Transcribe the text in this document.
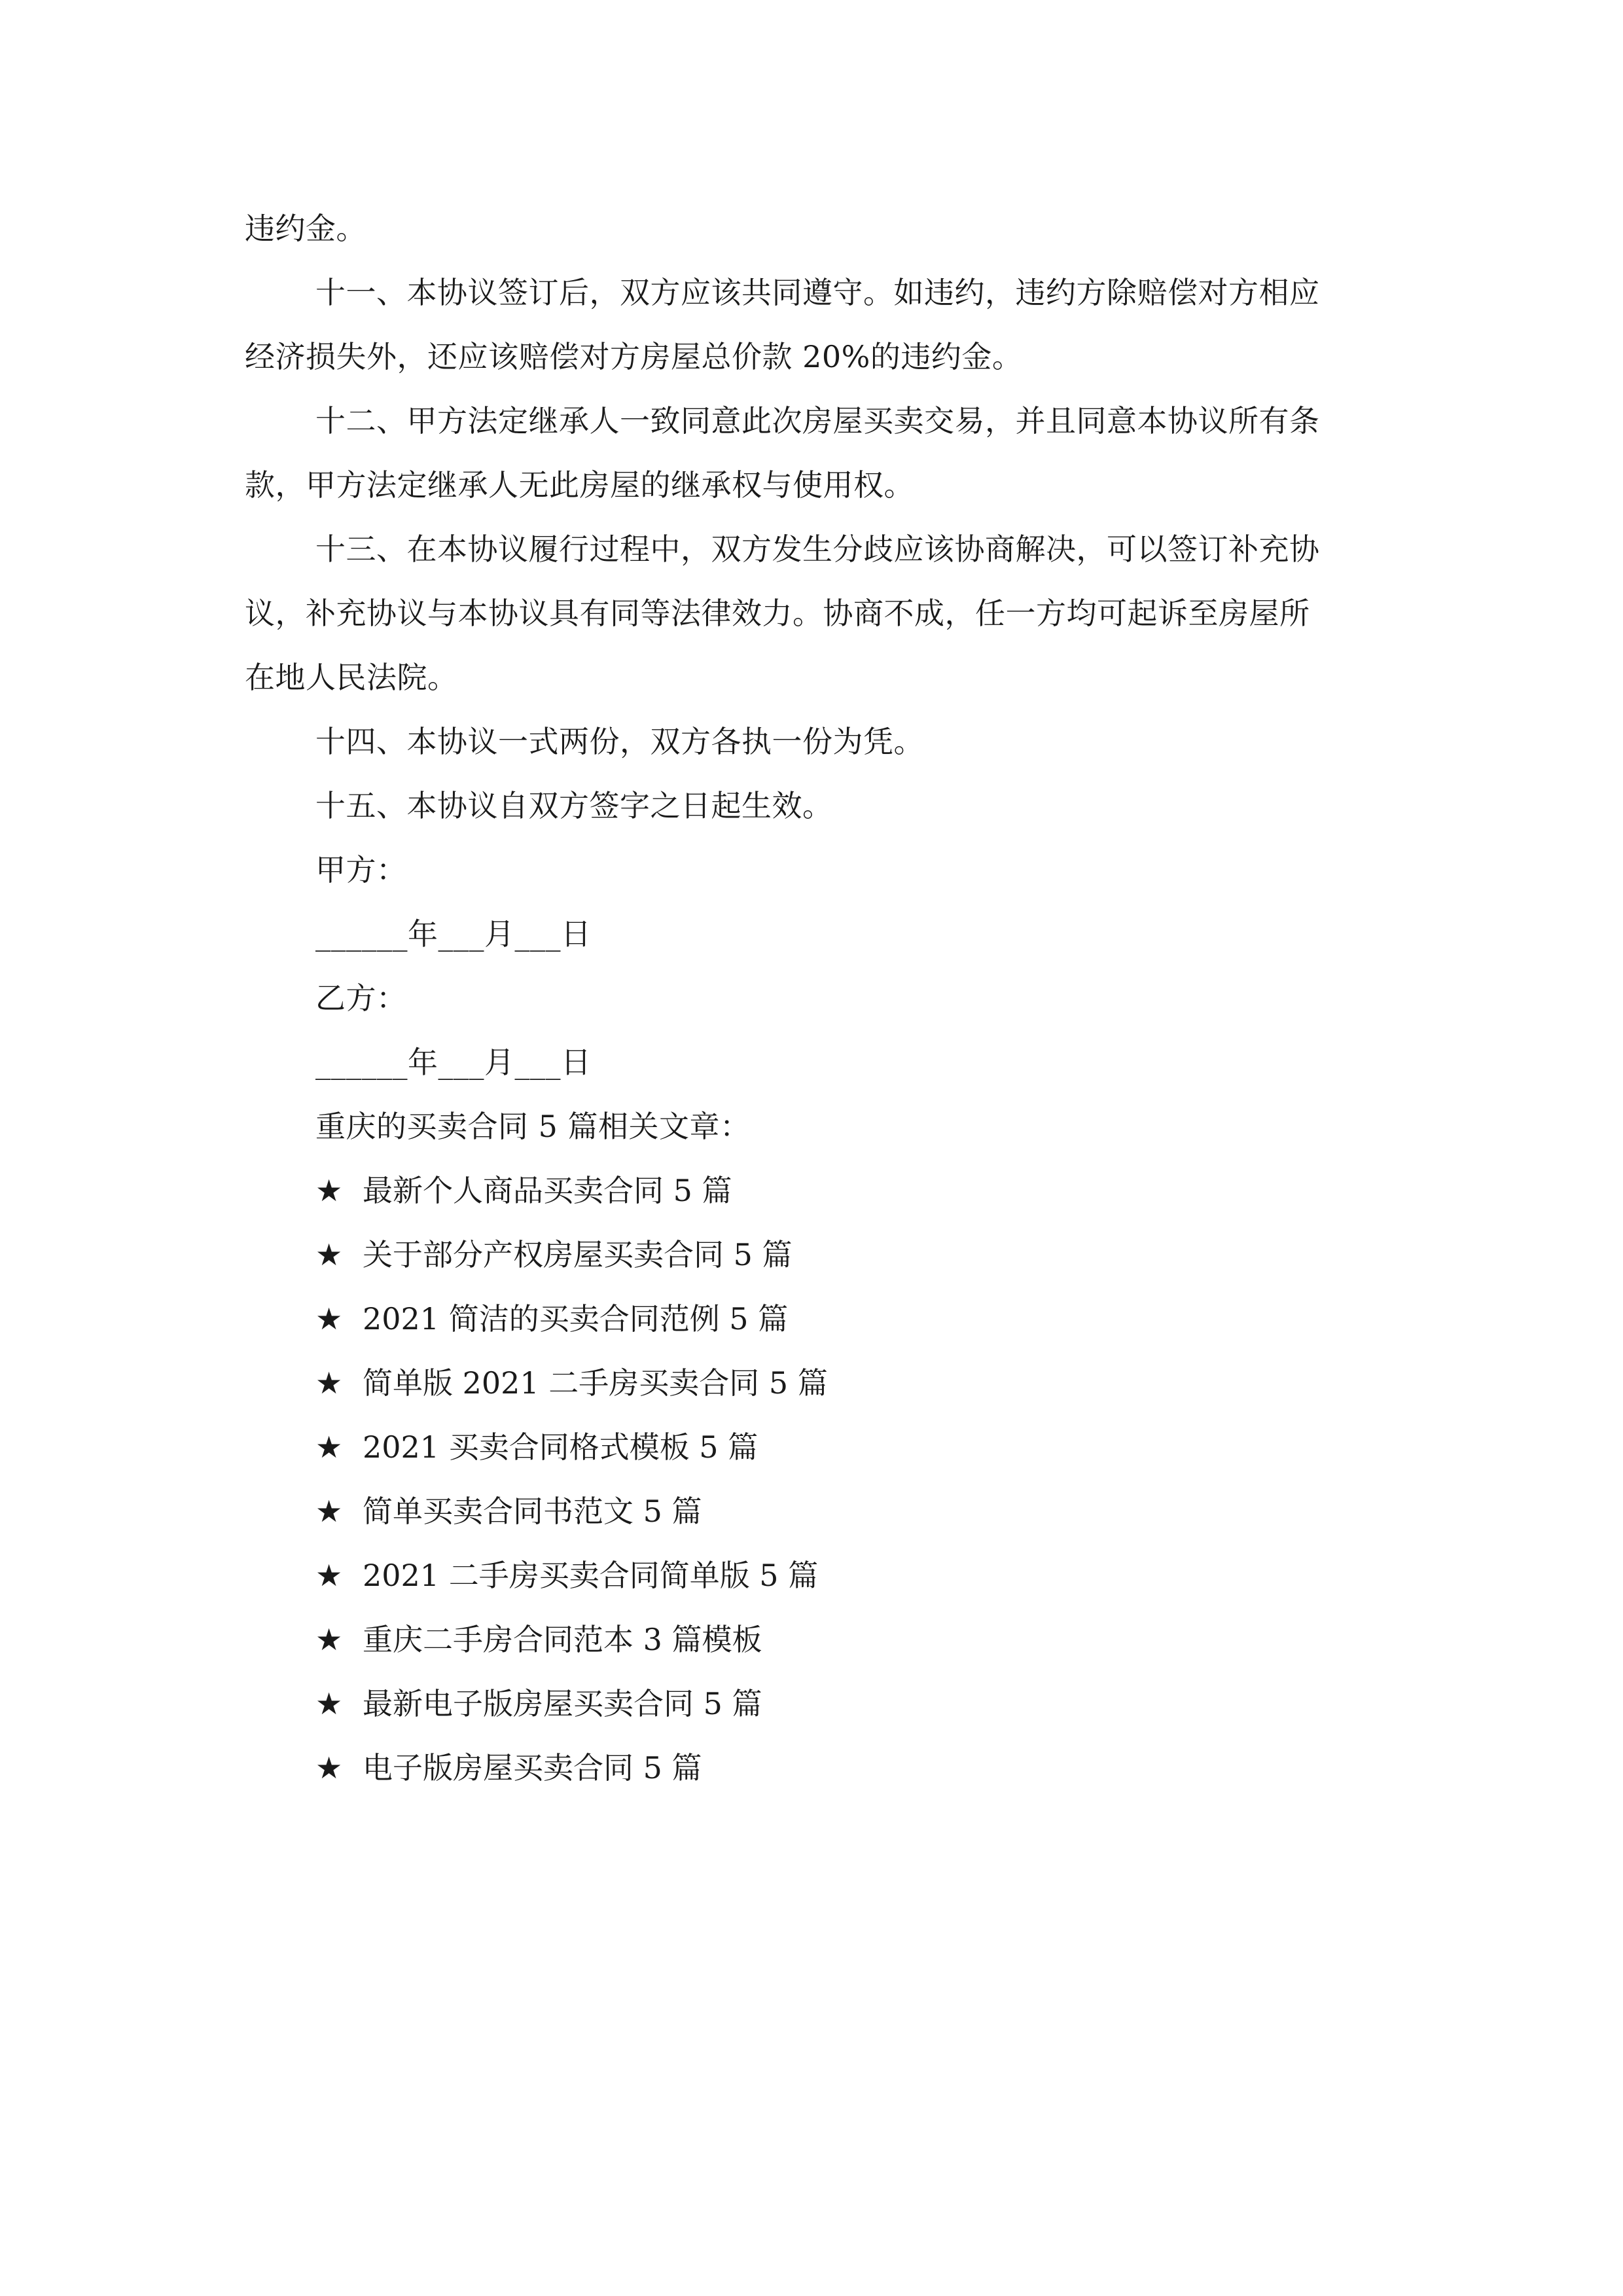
违约金。
十一、本协议签订后，双方应该共同遵守。如违约，违约方除赔偿对方相应
经济损失外，还应该赔偿对方房屋总价款 20%的违约金。
十二、甲方法定继承人一致同意此次房屋买卖交易，并且同意本协议所有条
款，甲方法定继承人无此房屋的继承权与使用权。
十三、在本协议履行过程中，双方发生分歧应该协商解决，可以签订补充协
议，补充协议与本协议具有同等法律效力。协商不成，任一方均可起诉至房屋所
在地人民法院。
十四、本协议一式两份，双方各执一份为凭。
十五、本协议自双方签字之日起生效。
甲方：
______年___月___日
乙方：
______年___月___日
重庆的买卖合同 5 篇相关文章：
★ 最新个人商品买卖合同 5 篇
★ 关于部分产权房屋买卖合同 5 篇
★ 2021 简洁的买卖合同范例 5 篇
★ 简单版 2021 二手房买卖合同 5 篇
★ 2021 买卖合同格式模板 5 篇
★ 简单买卖合同书范文 5 篇
★ 2021 二手房买卖合同简单版 5 篇
★ 重庆二手房合同范本 3 篇模板
★ 最新电子版房屋买卖合同 5 篇
★ 电子版房屋买卖合同 5 篇
